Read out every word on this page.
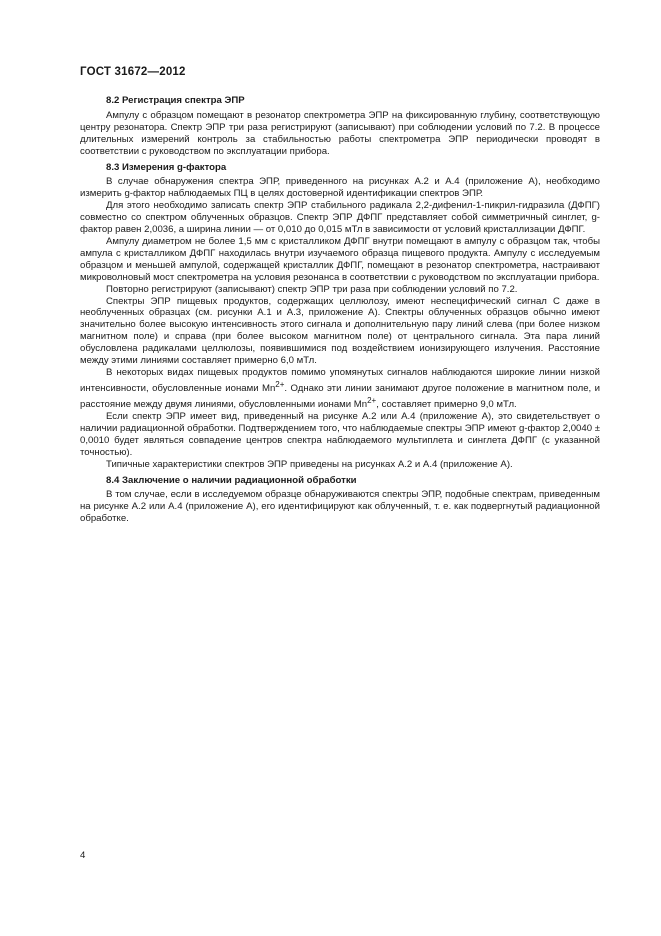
ГОСТ 31672—2012
8.2 Регистрация спектра ЭПР

Ампулу с образцом помещают в резонатор спектрометра ЭПР на фиксированную глубину, соответствующую центру резонатора. Спектр ЭПР три раза регистрируют (записывают) при соблюдении условий по 7.2. В процессе длительных измерений контроль за стабильностью работы спектрометра ЭПР периодически проводят в соответствии с руководством по эксплуатации прибора.

8.3 Измерения g-фактора

В случае обнаружения спектра ЭПР, приведенного на рисунках А.2 и А.4 (приложение А), необходимо измерить g-фактор наблюдаемых ПЦ в целях достоверной идентификации спектров ЭПР.

Для этого необходимо записать спектр ЭПР стабильного радикала 2,2-дифенил-1-пикрил-гидразила (ДФПГ) совместно со спектром облученных образцов. Спектр ЭПР ДФПГ представляет собой симметричный синглет, g-фактор равен 2,0036, а ширина линии — от 0,010 до 0,015 мТл в зависимости от условий кристаллизации ДФПГ.

Ампулу диаметром не более 1,5 мм с кристалликом ДФПГ внутри помещают в ампулу с образцом так, чтобы ампула с кристалликом ДФПГ находилась внутри изучаемого образца пищевого продукта. Ампулу с исследуемым образцом и меньшей ампулой, содержащей кристаллик ДФПГ, помещают в резонатор спектрометра, настраивают микроволновый мост спектрометра на условия резонанса в соответствии с руководством по эксплуатации прибора.

Повторно регистрируют (записывают) спектр ЭПР три раза при соблюдении условий по 7.2.

Спектры ЭПР пищевых продуктов, содержащих целлюлозу, имеют неспецифический сигнал С даже в необлученных образцах (см. рисунки А.1 и А.3, приложение А). Спектры облученных образцов обычно имеют значительно более высокую интенсивность этого сигнала и дополнительную пару линий слева (при более низком магнитном поле) и справа (при более высоком магнитном поле) от центрального сигнала. Эта пара линий обусловлена радикалами целлюлозы, появившимися под воздействием ионизирующего излучения. Расстояние между этими линиями составляет примерно 6,0 мТл.

В некоторых видах пищевых продуктов помимо упомянутых сигналов наблюдаются широкие линии низкой интенсивности, обусловленные ионами $Mn^{2+}$. Однако эти линии занимают другое положение в магнитном поле, и расстояние между двумя линиями, обусловленными ионами $Mn^{2+}$, составляет примерно 9,0 мТл.

Если спектр ЭПР имеет вид, приведенный на рисунке А.2 или А.4 (приложение А), это свидетельствует о наличии радиационной обработки. Подтверждением того, что наблюдаемые спектры ЭПР имеют g-фактор 2,0040 ± 0,0010 будет являться совпадение центров спектра наблюдаемого мультиплета и синглета ДФПГ (с указанной точностью).

Типичные характеристики спектров ЭПР приведены на рисунках А.2 и А.4 (приложение А).

8.4 Заключение о наличии радиационной обработки

В том случае, если в исследуемом образце обнаруживаются спектры ЭПР, подобные спектрам, приведенным на рисунке А.2 или А.4 (приложение А), его идентифицируют как облученный, т. е. как подвергнутый радиационной обработке.

4
